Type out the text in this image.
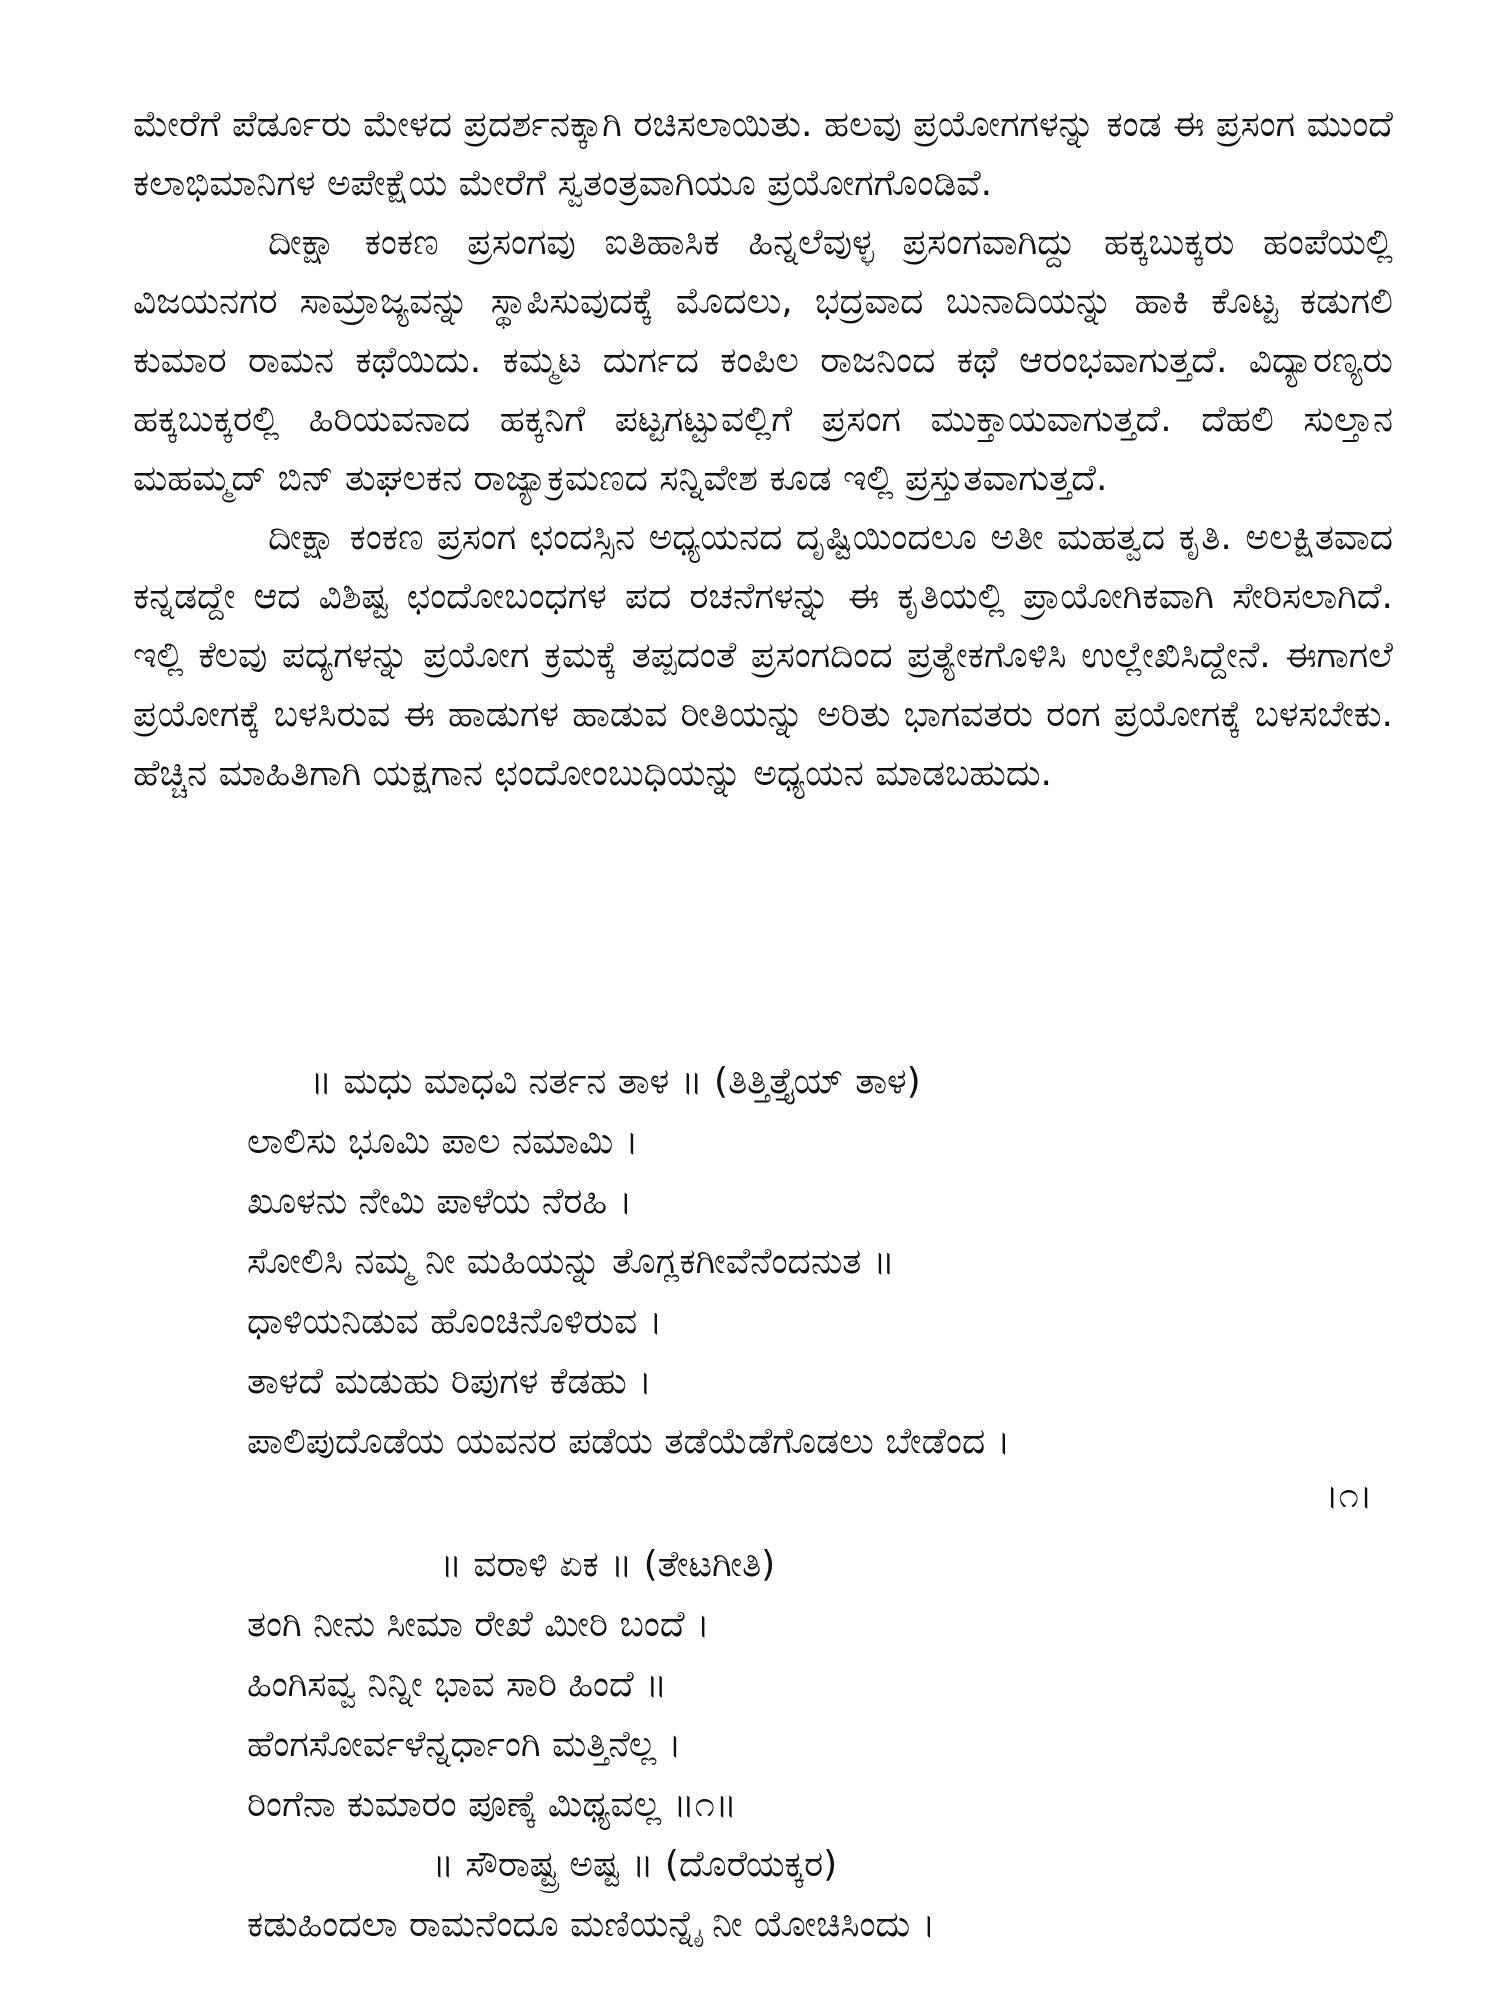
ಮೇರೆಗೆ ಪೆರ್ಡೂರು ಮೇಳದ ಪ್ರದರ್ಶನಕ್ಕಾಗಿ ರಚಿಸಲಾಯಿತು. ಹಲವು ಪ್ರಯೋಗಗಳನ್ನು ಕಂಡ ಈ ಪ್ರಸಂಗ ಮುಂದೆ ಕಲಾಭಿಮಾನಿಗಳ ಅಪೇಕ್ಷೆಯ ಮೇರೆಗೆ ಸ್ವತಂತ್ರವಾಗಿಯೂ ಪ್ರಯೋಗಗೊಂಡಿವೆ.

ದೀಕ್ಷಾ ಕಂಕಣ ಪ್ರಸಂಗವು ಐತಿಹಾಸಿಕ ಹಿನ್ನಲೆವುಳ್ಳ ಪ್ರಸಂಗವಾಗಿದ್ದು ಹಕ್ಕಬುಕ್ಕರು ಹಂಪೆಯಲ್ಲಿ ವಿಜಯನಗರ ಸಾಮ್ರಾಜ್ಯವನ್ನು ಸ್ಥಾಪಿಸುವುದಕ್ಕೆ ಮೊದಲು, ಭದ್ರವಾದ ಬುನಾದಿಯನ್ನು ಹಾಕಿ ಕೊಟ್ಟ ಕಡುಗಲಿ ಕುಮಾರ ರಾಮನ ಕಥೆಯಿದು. ಕಮ್ಮಟ ದುರ್ಗದ ಕಂಪಿಲ ರಾಜನಿಂದ ಕಥೆ ಆರಂಭವಾಗುತ್ತದೆ. ವಿದ್ಯಾರಣ್ಯರು ಹಕ್ಕಬುಕ್ಕರಲ್ಲಿ ಹಿರಿಯವನಾದ ಹಕ್ಕನಿಗೆ ಪಟ್ಟಗಟ್ಟುವಲ್ಲಿಗೆ ಪ್ರಸಂಗ ಮುಕ್ತಾಯವಾಗುತ್ತದೆ. ದೆಹಲಿ ಸುಲ್ತಾನ ಮಹಮ್ಮದ್ ಬಿನ್ ತುಘಲಕನ ರಾಜ್ಯಾಕ್ರಮಣದ ಸನ್ನಿವೇಶ ಕೂಡ ಇಲ್ಲಿ ಪ್ರಸ್ತುತವಾಗುತ್ತದೆ.

ದೀಕ್ಷಾ ಕಂಕಣ ಪ್ರಸಂಗ ಛಂದಸ್ಸಿನ ಅಧ್ಯಯನದ ದೃಷ್ಟಿಯಿಂದಲೂ ಅತೀ ಮಹತ್ವದ ಕೃತಿ. ಅಲಕ್ಷಿತವಾದ ಕನ್ನಡದ್ದೇ ಆದ ವಿಶಿಷ್ಟ ಛಂದೋಬಂಧಗಳ ಪದ ರಚನೆಗಳನ್ನು ಈ ಕೃತಿಯಲ್ಲಿ ಪ್ರಾಯೋಗಿಕವಾಗಿ ಸೇರಿಸಲಾಗಿದೆ. ಇಲ್ಲಿ ಕೆಲವು ಪದ್ಯಗಳನ್ನು ಪ್ರಯೋಗ ಕ್ರಮಕ್ಕೆ ತಪ್ಪದಂತೆ ಪ್ರಸಂಗದಿಂದ ಪ್ರತ್ಯೇಕಗೊಳಿಸಿ ಉಲ್ಲೇಖಿಸಿದ್ದೇನೆ. ಈಗಾಗಲೆ ಪ್ರಯೋಗಕ್ಕೆ ಬಳಸಿರುವ ಈ ಹಾಡುಗಳ ಹಾಡುವ ರೀತಿಯನ್ನು ಅರಿತು ಭಾಗವತರು ರಂಗ ಪ್ರಯೋಗಕ್ಕೆ ಬಳಸಬೇಕು. ಹೆಚ್ಚಿನ ಮಾಹಿತಿಗಾಗಿ ಯಕ್ಷಗಾನ ಛಂದೋಂಬುಧಿಯನ್ನು ಅಧ್ಯಯನ ಮಾಡಬಹುದು.

॥ ಮಧು ಮಾಧವಿ ನರ್ತನ ತಾಳ ॥ (ತಿತ್ತಿತ್ತೈಯ್ ತಾಳ)
ಲಾಲಿಸು ಭೂಮಿ ಪಾಲ ನಮಾಮಿ ।
ಖೂಳನು ನೇಮಿ ಪಾಳೆಯ ನೆರಹಿ ।
ಸೋಲಿಸಿ ನಮ್ಮ ನೀ ಮಹಿಯನ್ನು ತೊಗ್ಲಕಗೀವೆನೆಂದನುತ ॥
ಧಾಳಿಯನಿಡುವ ಹೊಂಚಿನೊಳಿರುವ ।
ತಾಳದೆ ಮಡುಹು ರಿಪುಗಳ ಕೆಡಹು ।
ಪಾಲಿಪುದೊಡೆಯ ಯವನರ ಪಡೆಯ ತಡೆಯೆಡೆಗೊಡಲು ಬೇಡೆಂದ ।
।೧।
॥ ವರಾಳಿ ಏಕ ॥ (ತೇಟಗೀತಿ)
ತಂಗಿ ನೀನು ಸೀಮಾ ರೇಖೆ ಮೀರಿ ಬಂದೆ ।
ಹಿಂಗಿಸವ್ವ ನಿನ್ನೀ ಭಾವ ಸಾರಿ ಹಿಂದೆ ॥
ಹೆಂಗಸೋರ್ವಳೆನ್ನರ್ಧಾಂಗಿ ಮತ್ತಿನೆಲ್ಲ ।
ರಿಂಗೆನಾ ಕುಮಾರಂ ಪೂಣ್ಕೆ ಮಿಥ್ಯವಲ್ಲ ॥೧॥
॥ ಸೌರಾಷ್ಟ್ರ ಅಷ್ಟ ॥ (ದೊರೆಯಕ್ಕರ)
ಕಡುಹಿಂದಲಾ ರಾಮನೆಂದೂ ಮಣಿಯನ್ನೈ ನೀ ಯೋಚಿಸಿಂದು ।
